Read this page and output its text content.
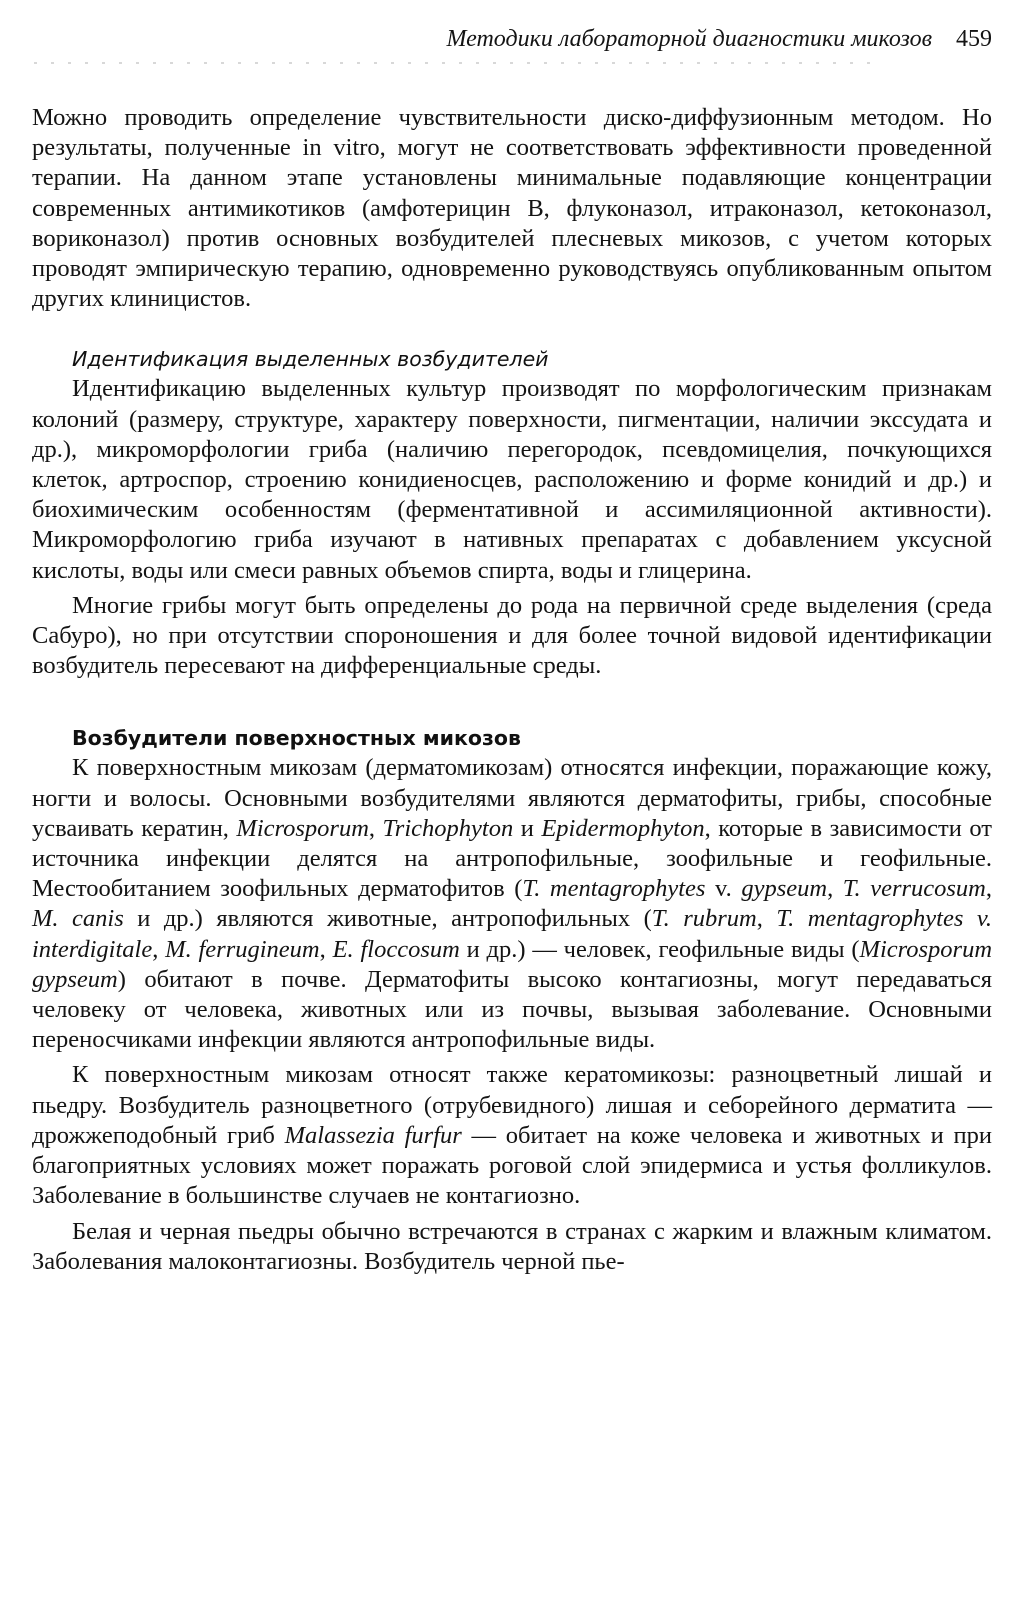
Методики лабораторной диагностики микозов 459

Можно проводить определение чувствительности диско-диффузионным методом. Но результаты, полученные in vitro, могут не соответствовать эффективности проведенной терапии. На данном этапе установлены минимальные подавляющие концентрации современных антимикотиков (амфотерицин В, флуконазол, итраконазол, кетоконазол, вориконазол) против основных возбудителей плесневых микозов, с учетом которых проводят эмпирическую терапию, одновременно руководствуясь опубликованным опытом других клиницистов.

Идентификация выделенных возбудителей

Идентификацию выделенных культур производят по морфологическим признакам колоний (размеру, структуре, характеру поверхности, пигментации, наличии экссудата и др.), микроморфологии гриба (наличию перегородок, псевдомицелия, почкующихся клеток, артроспор, строению конидиеносцев, расположению и форме конидий и др.) и биохимическим особенностям (ферментативной и ассимиляционной активности). Микроморфологию гриба изучают в нативных препаратах с добавлением уксусной кислоты, воды или смеси равных объемов спирта, воды и глицерина.

Многие грибы могут быть определены до рода на первичной среде выделения (среда Сабуро), но при отсутствии спороношения и для более точной видовой идентификации возбудитель пересевают на дифференциальные среды.

Возбудители поверхностных микозов

К поверхностным микозам (дерматомикозам) относятся инфекции, поражающие кожу, ногти и волосы. Основными возбудителями являются дерматофиты, грибы, способные усваивать кератин, Microsporum, Trichophyton и Epidermophyton, которые в зависимости от источника инфекции делятся на антропофильные, зоофильные и геофильные. Местообитанием зоофильных дерматофитов (T. mentagrophytes v. gypseum, T. verrucosum, M. canis и др.) являются животные, антропофильных (T. rubrum, T. mentagrophytes v. interdigitale, M. ferrugineum, E. floccosum и др.) — человек, геофильные виды (Microsporum gypseum) обитают в почве. Дерматофиты высоко контагиозны, могут передаваться человеку от человека, животных или из почвы, вызывая заболевание. Основными переносчиками инфекции являются антропофильные виды.

К поверхностным микозам относят также кератомикозы: разноцветный лишай и пьедру. Возбудитель разноцветного (отрубевидного) лишая и себорейного дерматита — дрожжеподобный гриб Malassezia furfur — обитает на коже человека и животных и при благоприятных условиях может поражать роговой слой эпидермиса и устья фолликулов. Заболевание в большинстве случаев не контагиозно.

Белая и черная пьедры обычно встречаются в странах с жарким и влажным климатом. Заболевания малоконтагиозны. Возбудитель черной пье-
